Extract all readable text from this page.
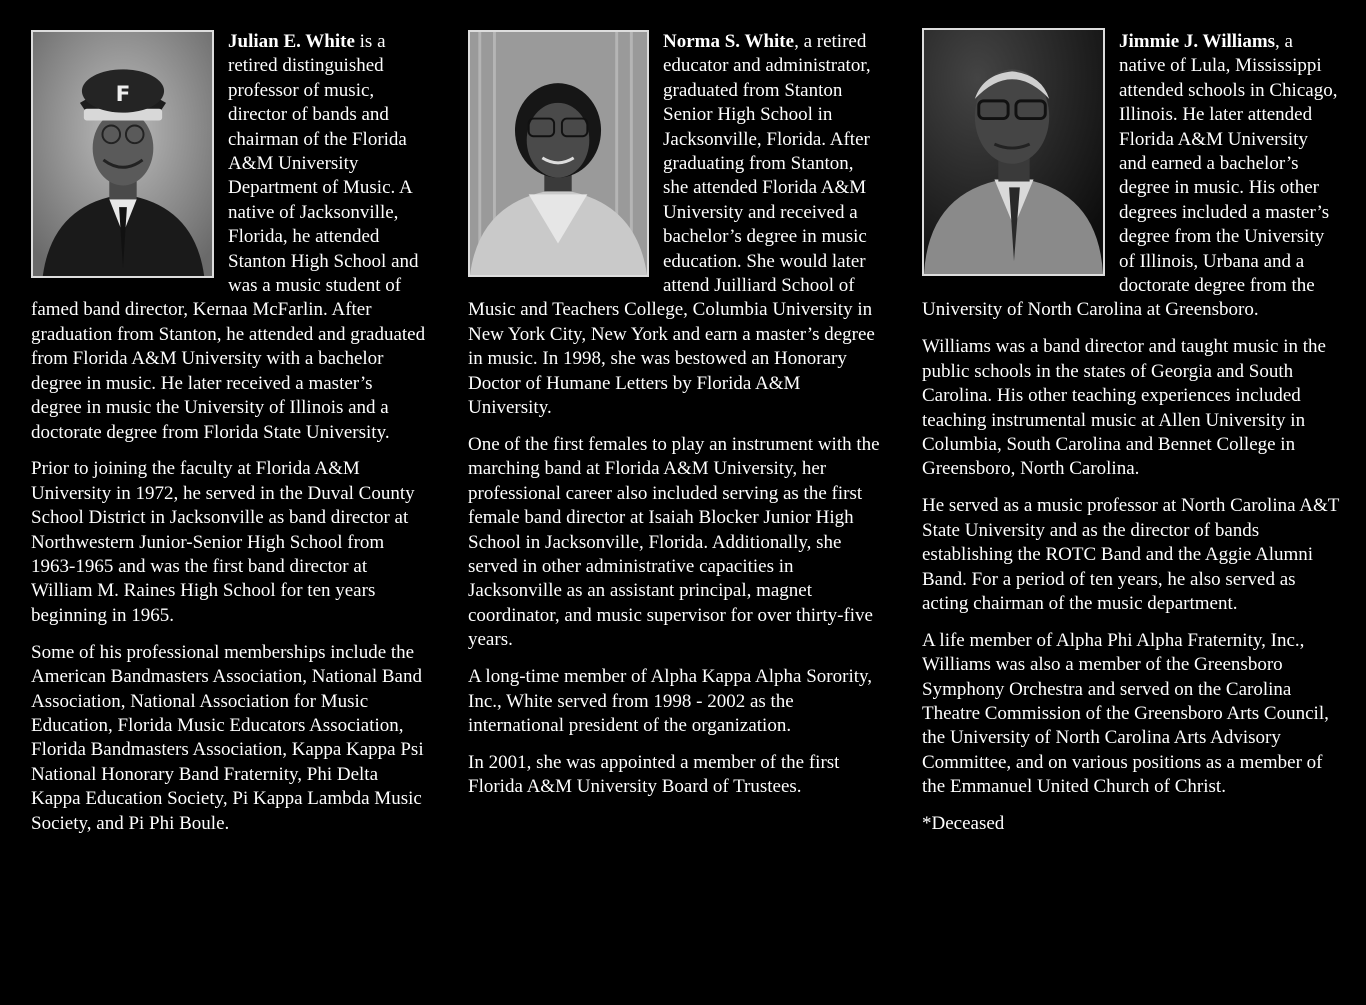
F

Julian E. White is a retired distinguished professor of music, director of bands and chairman of the Florida A&M University Department of Music. A native of Jacksonville, Florida, he attended Stanton High School and was a music student of famed band director, Kernaa McFarlin. After graduation from Stanton, he attended and graduated from Florida A&M University with a bachelor degree in music. He later received a master’s degree in music the University of Illinois and a doctorate degree from Florida State University.

Prior to joining the faculty at Florida A&M University in 1972, he served in the Duval County School District in Jacksonville as band director at Northwestern Junior-Senior High School from 1963-1965 and was the first band director at William M. Raines High School for ten years beginning in 1965.

Some of his professional memberships include the American Bandmasters Association, National Band Association, National Association for Music Education, Florida Music Educators Association, Florida Bandmasters Association, Kappa Kappa Psi National Honorary Band Fraternity, Phi Delta Kappa Education Society, Pi Kappa Lambda Music Society, and Pi Phi Boule.

Norma S. White, a retired educator and administrator, graduated from Stanton Senior High School in Jacksonville, Florida. After graduating from Stanton, she attended Florida A&M University and received a bachelor’s degree in music education. She would later attend Juilliard School of Music and Teachers College, Columbia University in New York City, New York and earn a master’s degree in music. In 1998, she was bestowed an Honorary Doctor of Humane Letters by Florida A&M University.

One of the first females to play an instrument with the marching band at Florida A&M University, her professional career also included serving as the first female band director at Isaiah Blocker Junior High School in Jacksonville, Florida. Additionally, she served in other administrative capacities in Jacksonville as an assistant principal, magnet coordinator, and music supervisor for over thirty-five years.

A long-time member of Alpha Kappa Alpha Sorority, Inc., White served from 1998 - 2002 as the international president of the organization.

In 2001, she was appointed a member of the first Florida A&M University Board of Trustees.

Jimmie J. Williams, a native of Lula, Mississippi attended schools in Chicago, Illinois. He later attended Florida A&M University and earned a bachelor’s degree in music. His other degrees included a master’s degree from the University of Illinois, Urbana and a doctorate degree from the University of North Carolina at Greensboro.

Williams was a band director and taught music in the public schools in the states of Georgia and South Carolina. His other teaching experiences included teaching instrumental music at Allen University in Columbia, South Carolina and Bennet College in Greensboro, North Carolina.

He served as a music professor at North Carolina A&T State University and as the director of bands establishing the ROTC Band and the Aggie Alumni Band. For a period of ten years, he also served as acting chairman of the music department.

A life member of Alpha Phi Alpha Fraternity, Inc., Williams was also a member of the Greensboro Symphony Orchestra and served on the Carolina Theatre Commission of the Greensboro Arts Council, the University of North Carolina Arts Advisory Committee, and on various positions as a member of the Emmanuel United Church of Christ.

*Deceased
